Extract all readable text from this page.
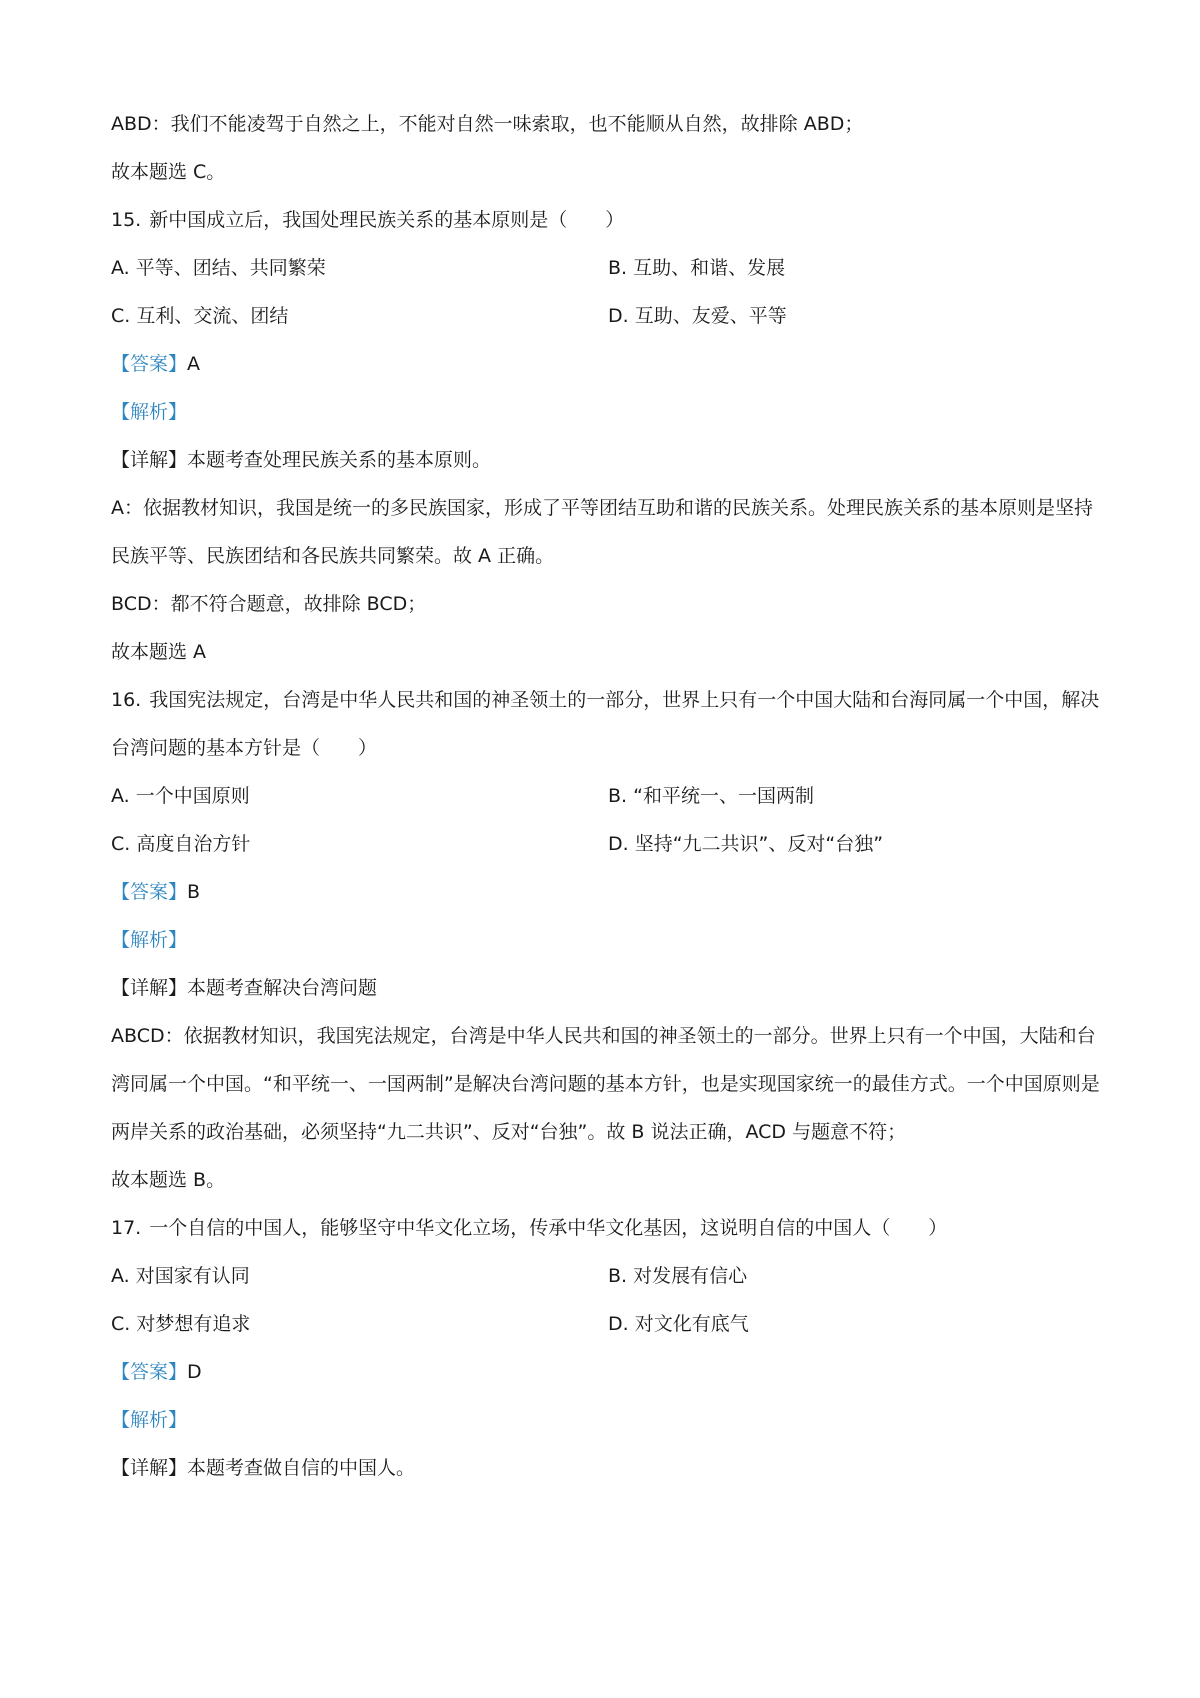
ABD：我们不能凌驾于自然之上，不能对自然一味索取，也不能顺从自然，故排除 ABD；
故本题选 C。
15. 新中国成立后，我国处理民族关系的基本原则是（　　）
A. 平等、团结、共同繁荣	B. 互助、和谐、发展
C. 互利、交流、团结	D. 互助、友爱、平等
【答案】A
【解析】
【详解】本题考查处理民族关系的基本原则。
A：依据教材知识，我国是统一的多民族国家，形成了平等团结互助和谐的民族关系。处理民族关系的基本原则是坚持民族平等、民族团结和各民族共同繁荣。故 A 正确。
BCD：都不符合题意，故排除 BCD；
故本题选 A
16. 我国宪法规定，台湾是中华人民共和国的神圣领土的一部分，世界上只有一个中国大陆和台海同属一个中国，解决台湾问题的基本方针是（　　）
A. 一个中国原则	B. “和平统一、一国两制
C. 高度自治方针	D. 坚持“九二共识”、反对“台独”
【答案】B
【解析】
【详解】本题考查解决台湾问题
ABCD：依据教材知识，我国宪法规定，台湾是中华人民共和国的神圣领土的一部分。世界上只有一个中国，大陆和台湾同属一个中国。“和平统一、一国两制”是解决台湾问题的基本方针，也是实现国家统一的最佳方式。一个中国原则是两岸关系的政治基础，必须坚持“九二共识”、反对“台独”。故 B 说法正确，ACD 与题意不符；
故本题选 B。
17. 一个自信的中国人，能够坚守中华文化立场，传承中华文化基因，这说明自信的中国人（　　）
A. 对国家有认同	B. 对发展有信心
C. 对梦想有追求	D. 对文化有底气
【答案】D
【解析】
【详解】本题考查做自信的中国人。
